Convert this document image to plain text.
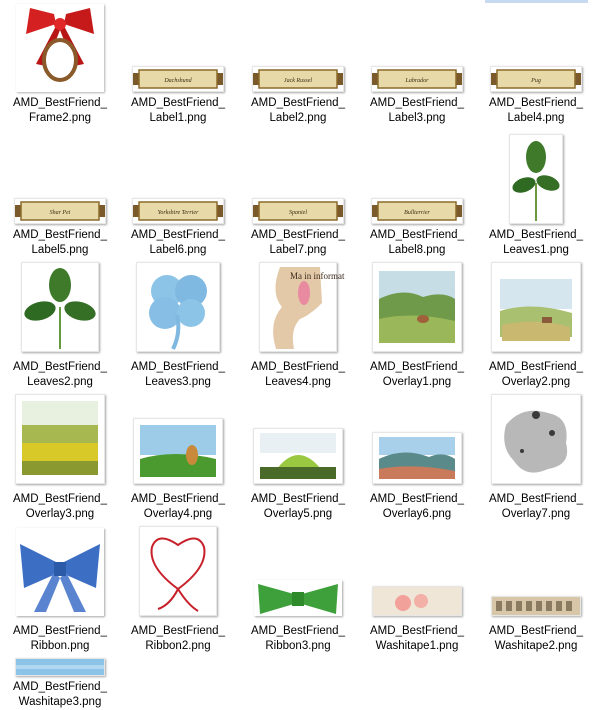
AMD_BestFriend_
Frame2.png
Dachshund
AMD_BestFriend_
Label1.png
Jack Russel
AMD_BestFriend_
Label2.png
Labrador
AMD_BestFriend_
Label3.png
Pug
AMD_BestFriend_
Label4.png
Shar Pei
AMD_BestFriend_
Label5.png
Yorkshire Terrier
AMD_BestFriend_
Label6.png
Spaniel
AMD_BestFriend_
Label7.png
Bullterrier
AMD_BestFriend_
Label8.png
AMD_BestFriend_
Leaves1.png
AMD_BestFriend_
Leaves2.png
AMD_BestFriend_
Leaves3.png
Ma in informat
AMD_BestFriend_
Leaves4.png
AMD_BestFriend_
Overlay1.png
AMD_BestFriend_
Overlay2.png
AMD_BestFriend_
Overlay3.png
AMD_BestFriend_
Overlay4.png
AMD_BestFriend_
Overlay5.png
AMD_BestFriend_
Overlay6.png
AMD_BestFriend_
Overlay7.png
AMD_BestFriend_
Ribbon.png
AMD_BestFriend_
Ribbon2.png
AMD_BestFriend_
Ribbon3.png
AMD_BestFriend_
Washitape1.png
AMD_BestFriend_
Washitape2.png
AMD_BestFriend_
Washitape3.png
